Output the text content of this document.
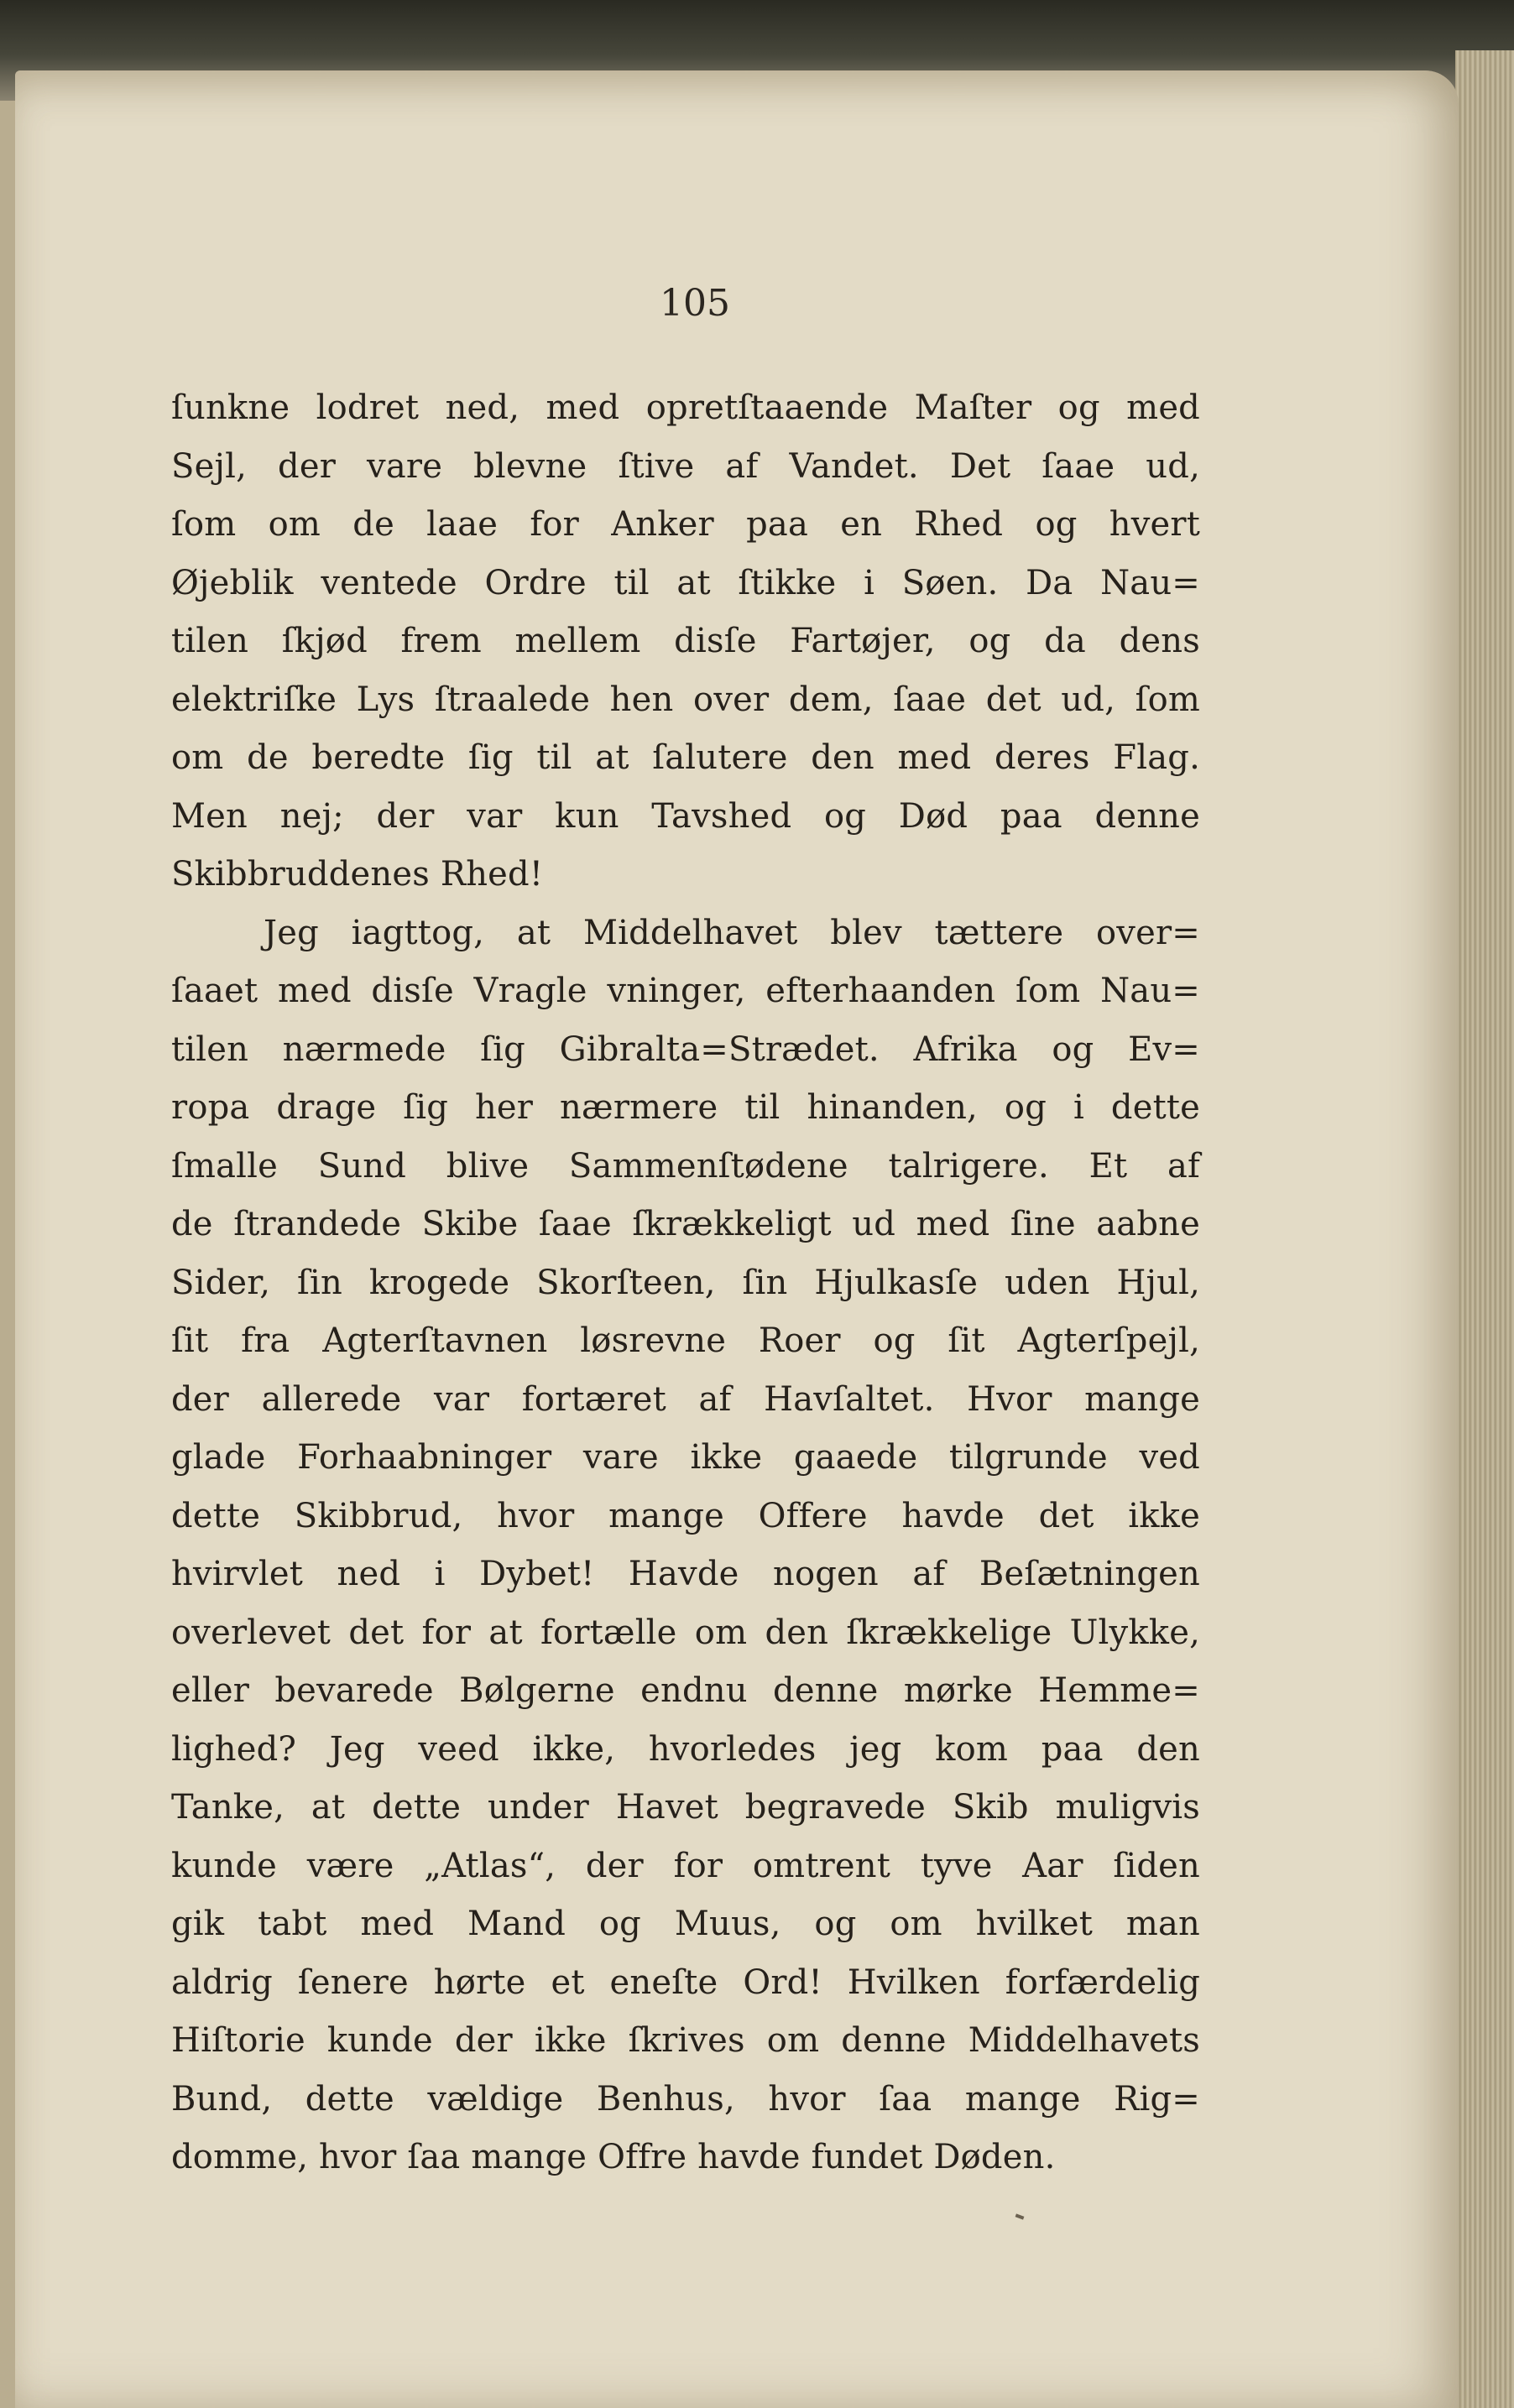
105

ſunkne lodret ned, med opretſtaaende Maſter og med
Sejl, der vare blevne ſtive af Vandet. Det ſaae ud,
ſom om de laae for Anker paa en Rhed og hvert
Øjeblik ventede Ordre til at ſtikke i Søen. Da Nau=
tilen ſkjød frem mellem disſe Fartøjer, og da dens
elektriſke Lys ſtraalede hen over dem, ſaae det ud, ſom
om de beredte ſig til at ſalutere den med deres Flag.
Men nej; der var kun Tavshed og Død paa denne
Skibbruddenes Rhed!
Jeg iagttog, at Middelhavet blev tættere over=
ſaaet med disſe Vragle vninger, efterhaanden ſom Nau=
tilen nærmede ſig Gibralta=Strædet. Afrika og Ev=
ropa drage ſig her nærmere til hinanden, og i dette
ſmalle Sund blive Sammenſtødene talrigere. Et af
de ſtrandede Skibe ſaae ſkrækkeligt ud med ſine aabne
Sider, ſin krogede Skorſteen, ſin Hjulkasſe uden Hjul,
ſit fra Agterſtavnen løsrevne Roer og ſit Agterſpejl,
der allerede var fortæret af Havſaltet. Hvor mange
glade Forhaabninger vare ikke gaaede tilgrunde ved
dette Skibbrud, hvor mange Offere havde det ikke
hvirvlet ned i Dybet! Havde nogen af Beſætningen
overlevet det for at fortælle om den ſkrækkelige Ulykke,
eller bevarede Bølgerne endnu denne mørke Hemme=
lighed? Jeg veed ikke, hvorledes jeg kom paa den
Tanke, at dette under Havet begravede Skib muligvis
kunde være „Atlas“, der for omtrent tyve Aar ſiden
gik tabt med Mand og Muus, og om hvilket man
aldrig ſenere hørte et eneſte Ord! Hvilken forfærdelig
Hiſtorie kunde der ikke ſkrives om denne Middelhavets
Bund, dette vældige Benhus, hvor ſaa mange Rig=
domme, hvor ſaa mange Offre havde fundet Døden.
